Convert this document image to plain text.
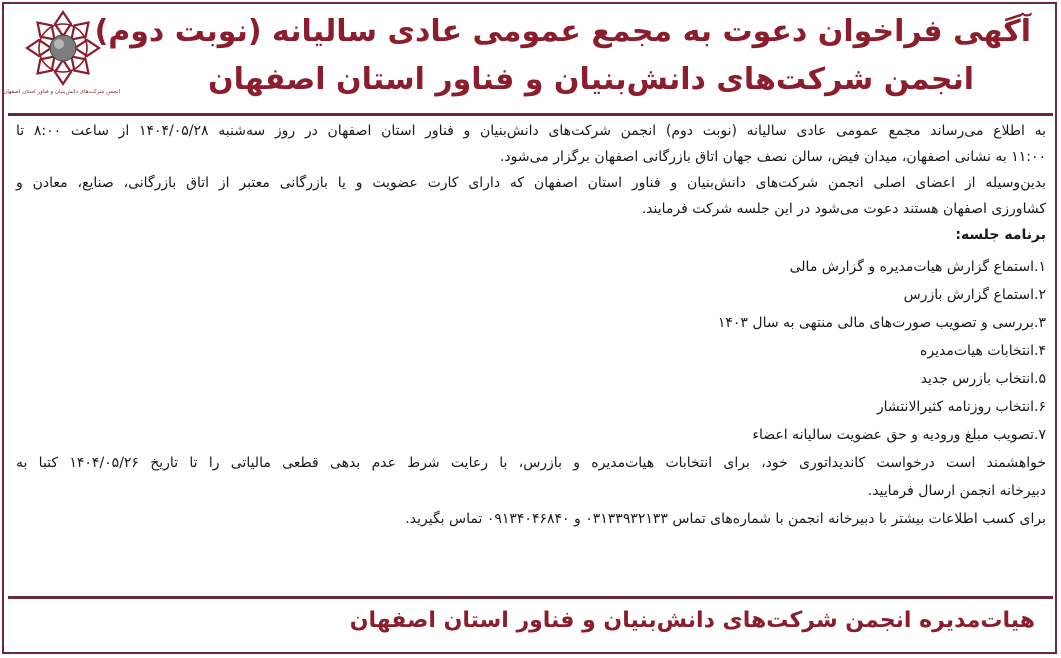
انجمن شرکت‌های دانش‌بنیان و فناور استان اصفهان
آگهی فراخوان دعوت به مجمع عمومی عادی سالیانه (نوبت دوم)
انجمن شرکت‌های دانش‌بنیان و فناور استان اصفهان
به اطلاع می‌رساند مجمع عمومی عادی سالیانه (نوبت دوم) انجمن شرکت‌های دانش‌بنیان و فناور استان اصفهان در روز سه‌شنبه ۱۴۰۴/۰۵/۲۸ از ساعت ۸:۰۰ تا
۱۱:۰۰ به نشانی اصفهان، میدان فیض، سالن نصف جهان اتاق بازرگانی اصفهان برگزار می‌شود.
بدین‌وسیله از اعضای اصلی انجمن شرکت‌های دانش‌بنیان و فناور استان اصفهان که دارای کارت عضویت و یا بازرگانی معتبر از اتاق بازرگانی، صنایع، معادن و
کشاورزی اصفهان هستند دعوت می‌شود در این جلسه شرکت فرمایند.
برنامه جلسه:
۱.استماع گزارش هیات‌مدیره و گزارش مالی
۲.استماع گزارش بازرس
۳.بررسی و تصویب صورت‌های مالی منتهی به سال ۱۴۰۳
۴.انتخابات هیات‌مدیره
۵.انتخاب بازرس جدید
۶.انتخاب روزنامه کثیرالانتشار
۷.تصویب مبلغ ورودیه و حق عضویت سالیانه اعضاء
خواهشمند است درخواست کاندیداتوری خود، برای انتخابات هیات‌مدیره و بازرس، با رعایت شرط عدم بدهی قطعی مالیاتی را تا تاریخ ۱۴۰۴/۰۵/۲۶ کتبا به
دبیرخانه انجمن ارسال فرمایید.
برای کسب اطلاعات بیشتر با دبیرخانه انجمن با شماره‌های تماس ۰۳۱۳۳۹۳۲۱۳۳ و ۰۹۱۳۴۰۴۶۸۴۰ تماس بگیرید.
هیات‌مدیره انجمن شرکت‌های دانش‌بنیان و فناور استان اصفهان
